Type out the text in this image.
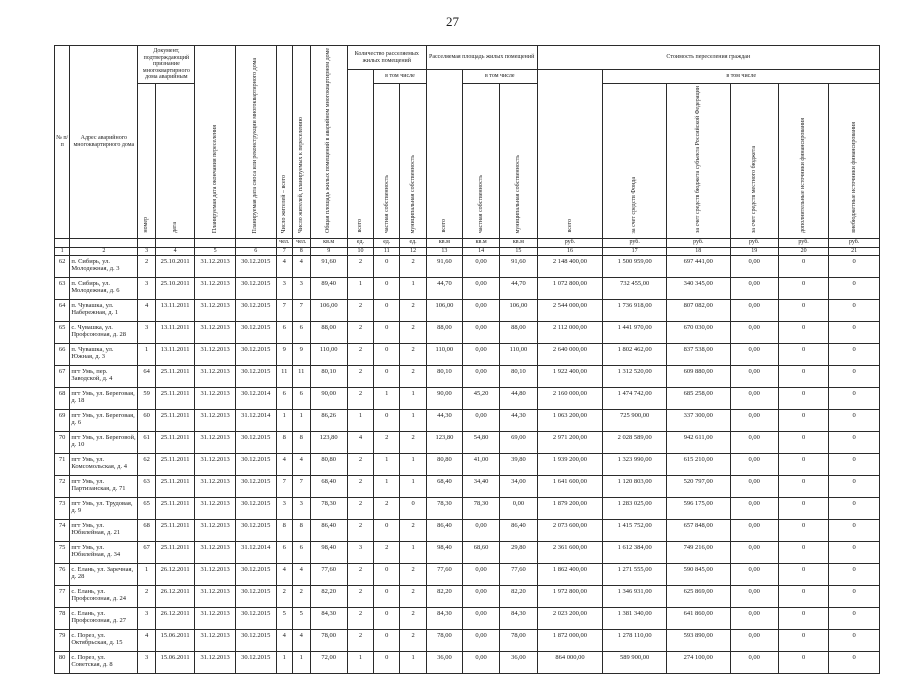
27
№ п/п	Адрес аварийного многоквартирного дома	Документ, подтверждающий признание многоквартирного дома аварийным		Планируемая дата окончания переселения	Планируемая дата сноса или реконструкции многоквартирного дома	Число жителей – всего	Число жителей, планируемых к переселению	Общая площадь жилых помещений в аварийном многоквартирном доме	Количество расселяемых жилых помещений			Расселяемая площадь жилых помещений			Стоимость переселения граждан					
									всего	в том числе		всего	в том числе		всего	в том числе				
		номер	дата							частная собственность	муниципальная собственность		частная собственность	муниципальная собственность		за счет средств Фонда	за счет средств бюджета субъекта Российской Федерации	за счет средств местного бюджета	дополнительные источники финансирования	внебюджетные источники финансирования
						чел.	чел.	кв.м	ед.	ед.	ед.	кв.м	кв.м	кв.м	руб.	руб.	руб.	руб.	руб.	руб.
1	2	3	4	5	6	7	8	9	10	11	12	13	14	15	16	17	18	19	20	21
62	п. Сибирь, ул. Молодежная, д. 3	2	25.10.2011	31.12.2013	30.12.2015	4	4	91,60	2	0	2	91,60	0,00	91,60	2 148 400,00	1 500 959,00	697 441,00	0,00	0	0
63	п. Сибирь, ул. Молодежная, д. 6	3	25.10.2011	31.12.2013	30.12.2015	3	3	89,40	1	0	1	44,70	0,00	44,70	1 072 800,00	732 455,00	340 345,00	0,00	0	0
64	п. Чувашка, ул. Набережная, д. 1	4	13.11.2011	31.12.2013	30.12.2015	7	7	106,00	2	0	2	106,00	0,00	106,00	2 544 000,00	1 736 918,00	807 082,00	0,00	0	0
65	с. Чувашка, ул. Профсоюзная, д. 28	3	13.11.2011	31.12.2013	30.12.2015	6	6	88,00	2	0	2	88,00	0,00	88,00	2 112 000,00	1 441 970,00	670 030,00	0,00	0	0
66	п. Чувашка, ул. Южная, д. 3	1	13.11.2011	31.12.2013	30.12.2015	9	9	110,00	2	0	2	110,00	0,00	110,00	2 640 000,00	1 802 462,00	837 538,00	0,00	0	0
67	пгт Умь, пер. Заводской, д. 4	64	25.11.2011	31.12.2013	30.12.2015	11	11	80,10	2	0	2	80,10	0,00	80,10	1 922 400,00	1 312 520,00	609 880,00	0,00	0	0
68	пгт Умь, ул. Береговая, д. 18	59	25.11.2011	31.12.2013	30.12.2014	6	6	90,00	2	1	1	90,00	45,20	44,80	2 160 000,00	1 474 742,00	685 258,00	0,00	0	0
69	пгт Умь, ул. Береговая, д. 6	60	25.11.2011	31.12.2013	31.12.2014	1	1	86,26	1	0	1	44,30	0,00	44,30	1 063 200,00	725 900,00	337 300,00	0,00	0	0
70	пгт Умь, ул. Береговой, д. 10	61	25.11.2011	31.12.2013	30.12.2015	8	8	123,80	4	2	2	123,80	54,80	69,00	2 971 200,00	2 028 589,00	942 611,00	0,00	0	0
71	пгт Умь, ул. Комсомольская, д. 4	62	25.11.2011	31.12.2013	30.12.2015	4	4	80,80	2	1	1	80,80	41,00	39,80	1 939 200,00	1 323 990,00	615 210,00	0,00	0	0
72	пгт Умь, ул. Партизанская, д. 71	63	25.11.2011	31.12.2013	30.12.2015	7	7	68,40	2	1	1	68,40	34,40	34,00	1 641 600,00	1 120 803,00	520 797,00	0,00	0	0
73	пгт Умь, ул. Трудовая, д. 9	65	25.11.2011	31.12.2013	30.12.2015	3	3	78,30	2	2	0	78,30	78,30	0,00	1 879 200,00	1 283 025,00	596 175,00	0,00	0	0
74	пгт Умь, ул. Юбилейная, д. 21	68	25.11.2011	31.12.2013	30.12.2015	8	8	86,40	2	0	2	86,40	0,00	86,40	2 073 600,00	1 415 752,00	657 848,00	0,00	0	0
75	пгт Умь, ул. Юбилейная, д. 34	67	25.11.2011	31.12.2013	31.12.2014	6	6	98,40	3	2	1	98,40	68,60	29,80	2 361 600,00	1 612 384,00	749 216,00	0,00	0	0
76	с. Елань, ул. Заречная, д. 28	1	26.12.2011	31.12.2013	30.12.2015	4	4	77,60	2	0	2	77,60	0,00	77,60	1 862 400,00	1 271 555,00	590 845,00	0,00	0	0
77	с. Елань, ул. Профсоюзная, д. 24	2	26.12.2011	31.12.2013	30.12.2015	2	2	82,20	2	0	2	82,20	0,00	82,20	1 972 800,00	1 346 931,00	625 869,00	0,00	0	0
78	с. Елань, ул. Профсоюзная, д. 27	3	26.12.2011	31.12.2013	30.12.2015	5	5	84,30	2	0	2	84,30	0,00	84,30	2 023 200,00	1 381 340,00	641 860,00	0,00	0	0
79	с. Порез, ул. Октябрьская, д. 15	4	15.06.2011	31.12.2013	30.12.2015	4	4	78,00	2	0	2	78,00	0,00	78,00	1 872 000,00	1 278 110,00	593 890,00	0,00	0	0
80	с. Порез, ул. Советская, д. 8	3	15.06.2011	31.12.2013	30.12.2015	1	1	72,00	1	0	1	36,00	0,00	36,00	864 000,00	589 900,00	274 100,00	0,00	0	0
